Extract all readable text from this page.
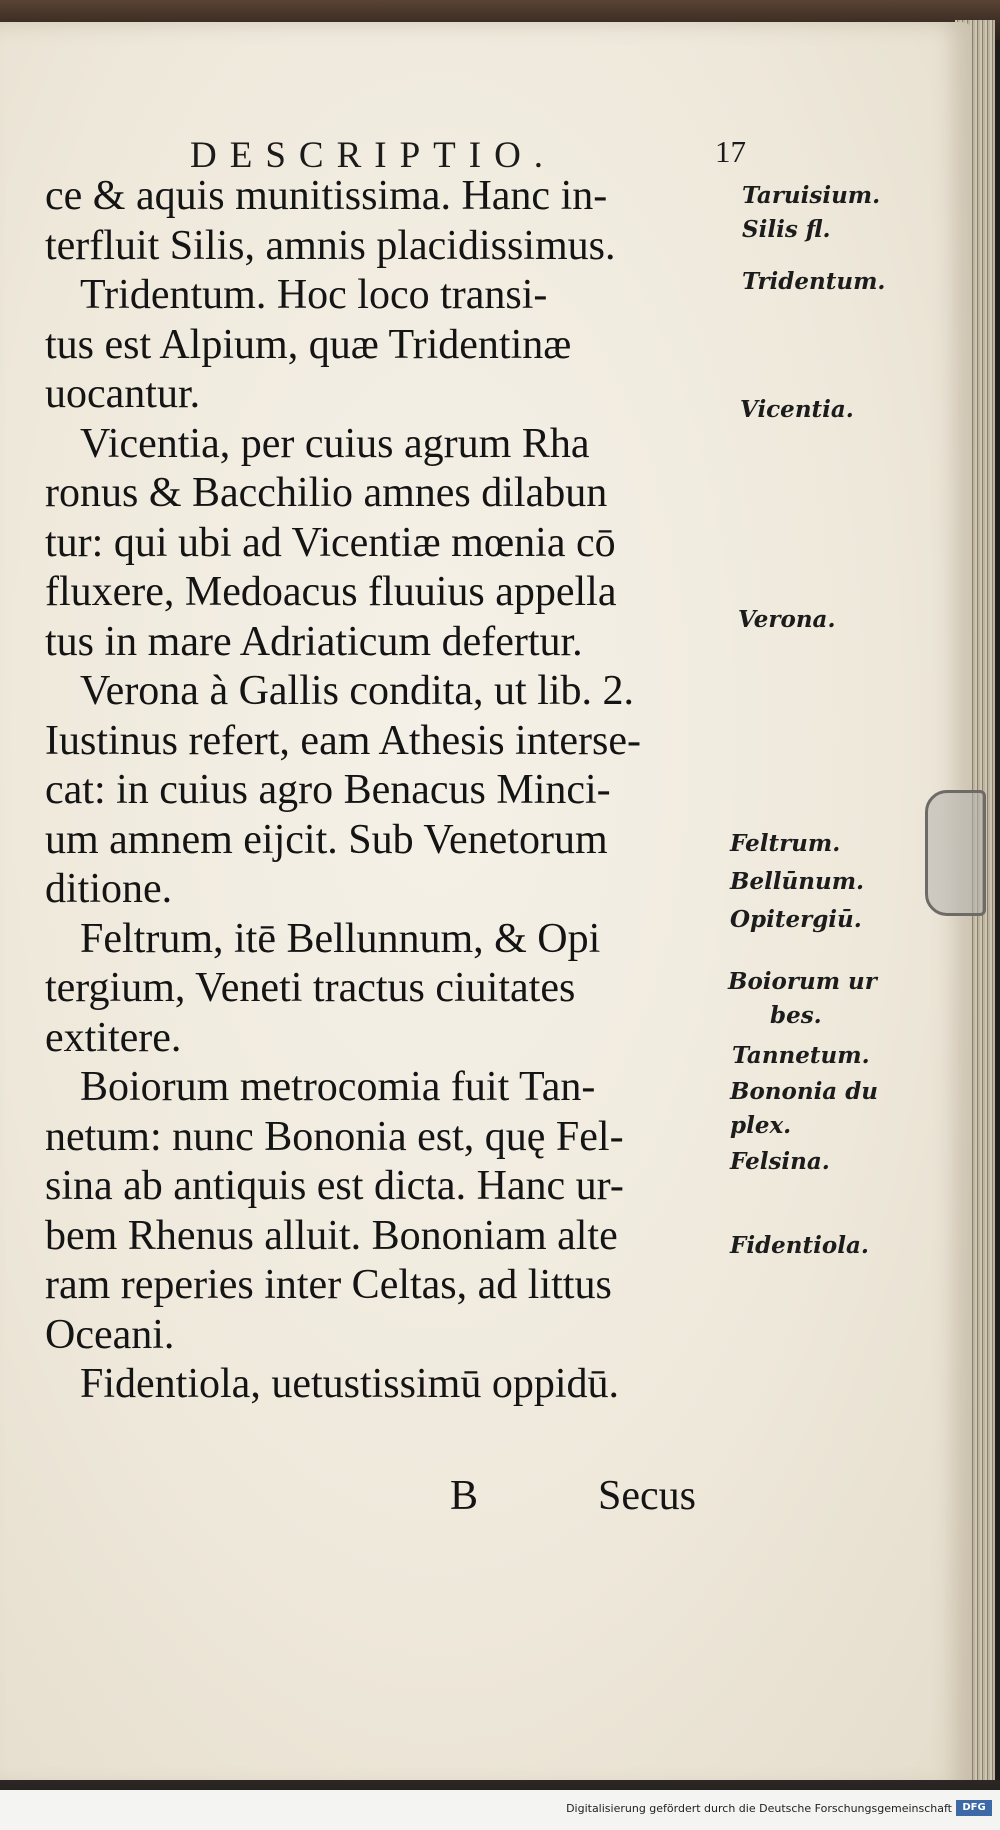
DESCRIPTIO.	17
ce & aquis munitissima. Hanc in-
terfluit Silis, amnis placidissimus.
Tridentum. Hoc loco transi-
tus est Alpium, quæ Tridentinæ
uocantur.
Vicentia, per cuius agrum Rha
ronus & Bacchilio amnes dilabun
tur: qui ubi ad Vicentiæ mœnia cō
fluxere, Medoacus fluuius appella
tus in mare Adriaticum defertur.
Verona à Gallis condita, ut lib. 2.
Iustinus refert, eam Athesis interse-
cat: in cuius agro Benacus Minci-
um amnem eijcit. Sub Venetorum
ditione.
Feltrum, itē Bellunnum, & Opi
tergium, Veneti tractus ciuitates
extitere.
Boiorum metrocomia fuit Tan-
netum: nunc Bononia est, quę Fel-
sina ab antiquis est dicta. Hanc ur-
bem Rhenus alluit. Bononiam alte
ram reperies inter Celtas, ad littus
Oceani.
Fidentiola, uetustissimū oppidū.
B	Secus
Taruisium.
Silis fl.
Tridentum.
Vicentia.
Verona.
Feltrum.
Bellūnum.
Opitergiū.
Boiorum ur
bes.
Tannetum.
Bononia du
plex.
Felsina.
Fidentiola.
Digitalisierung gefördert durch die Deutsche Forschungsgemeinschaft	DFG
